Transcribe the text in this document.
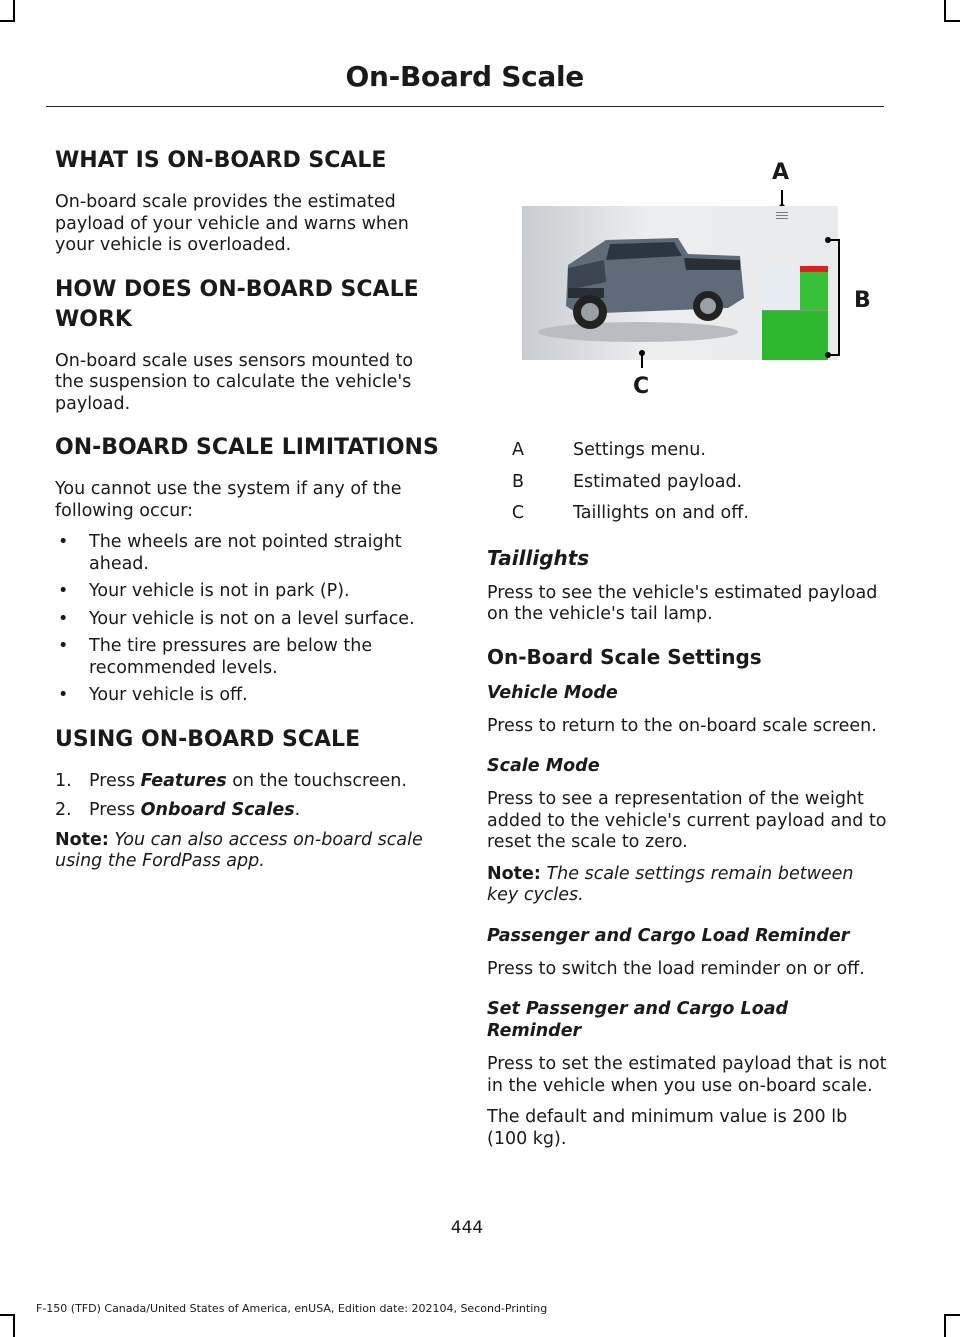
On-Board Scale
WHAT IS ON-BOARD SCALE

On-board scale provides the estimated payload of your vehicle and warns when your vehicle is overloaded.

HOW DOES ON-BOARD SCALE WORK

On-board scale uses sensors mounted to the suspension to calculate the vehicle's payload.

ON-BOARD SCALE LIMITATIONS

You cannot use the system if any of the following occur:

• The wheels are not pointed straight ahead.
• Your vehicle is not in park (P).
• Your vehicle is not on a level surface.
• The tire pressures are below the recommended levels.
• Your vehicle is off.
USING ON-BOARD SCALE
1. Press Features on the touchscreen.
2. Press Onboard Scales.

Note: You can also access on-board scale using the FordPass app.

A
B
C
A	Settings menu.
B	Estimated payload.
C	Taillights on and off.
Taillights

Press to see the vehicle's estimated payload on the vehicle's tail lamp.

On-Board Scale Settings
Vehicle Mode

Press to return to the on-board scale screen.

Scale Mode

Press to see a representation of the weight added to the vehicle's current payload and to reset the scale to zero.

Note: The scale settings remain between key cycles.

Passenger and Cargo Load Reminder

Press to switch the load reminder on or off.

Set Passenger and Cargo Load Reminder

Press to set the estimated payload that is not in the vehicle when you use on-board scale.

The default and minimum value is 200 lb (100 kg).

444
F-150 (TFD) Canada/United States of America, enUSA, Edition date: 202104, Second-Printing
